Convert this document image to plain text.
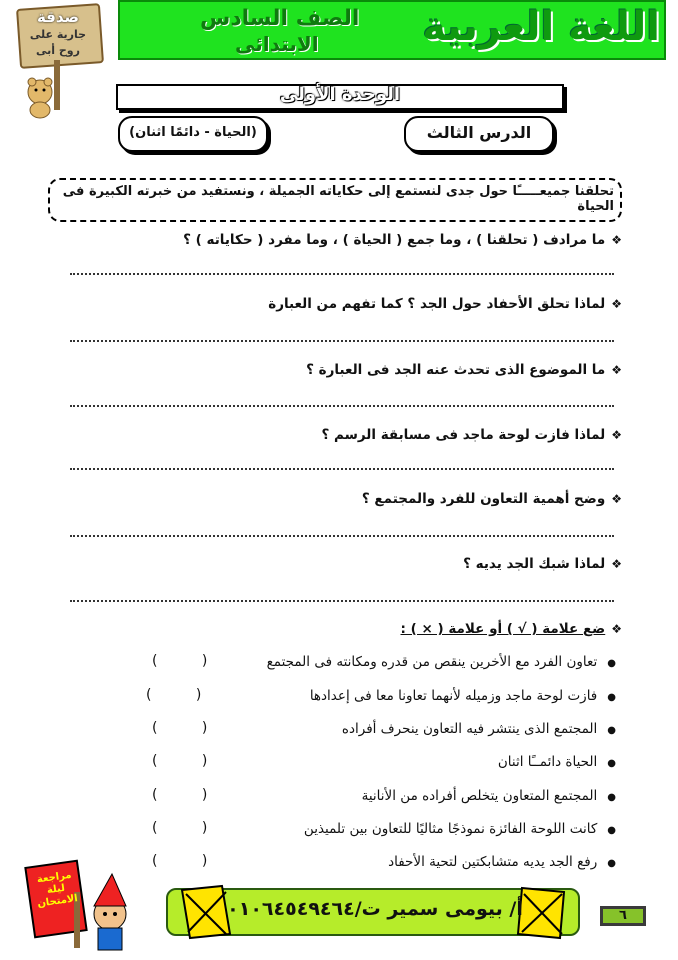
اللغة العربية
الصف السادس
الابتدائى
صدقة
جارية على
روح أبى
الوحدة الأولى
الدرس الثالث
(الحياة - دائمًا اثنان)
تحلقنا جميعـــــًا حول جدى لنستمع إلى حكاياته الجميلة ، ونستفيد من خبرته الكبيرة فى الحياة
❖ما مرادف ( تحلقنا ) ، وما جمع ( الحياة ) ، وما مفرد ( حكاياته ) ؟
❖لماذا تحلق الأحفاد حول الجد ؟ كما تفهم من العبارة
❖ما الموضوع الذى تحدث عنه الجد فى العبارة ؟
❖لماذا فازت لوحة ماجد فى مسابقة الرسم ؟
❖وضح أهمية التعاون للفرد والمجتمع ؟
❖لماذا شبك الجد يديه ؟
❖ضع علامة ( √ ) أو علامة ( × ) :
●تعاون الفرد مع الأخرين ينقص من قدره ومكانته فى المجتمع
( )
●فازت لوحة ماجد وزميله لأنهما تعاونا معا فى إعدادها
( )
●المجتمع الذى ينتشر فيه التعاون ينحرف أفراده
( )
●الحياة دائمــًا اثنان
( )
●المجتمع المتعاون يتخلص أفراده من الأنانية
( )
●كانت اللوحة الفائزة نموذجًا مثاليًا للتعاون بين تلميذين
( )
●رفع الجد يديه متشابكتين لتحية الأحفاد
( )
مراجعة ليلة الامتحان	أ/ بيومى سمير ت/٠١٠٦٤٥٤٩٤٦٤	٦
